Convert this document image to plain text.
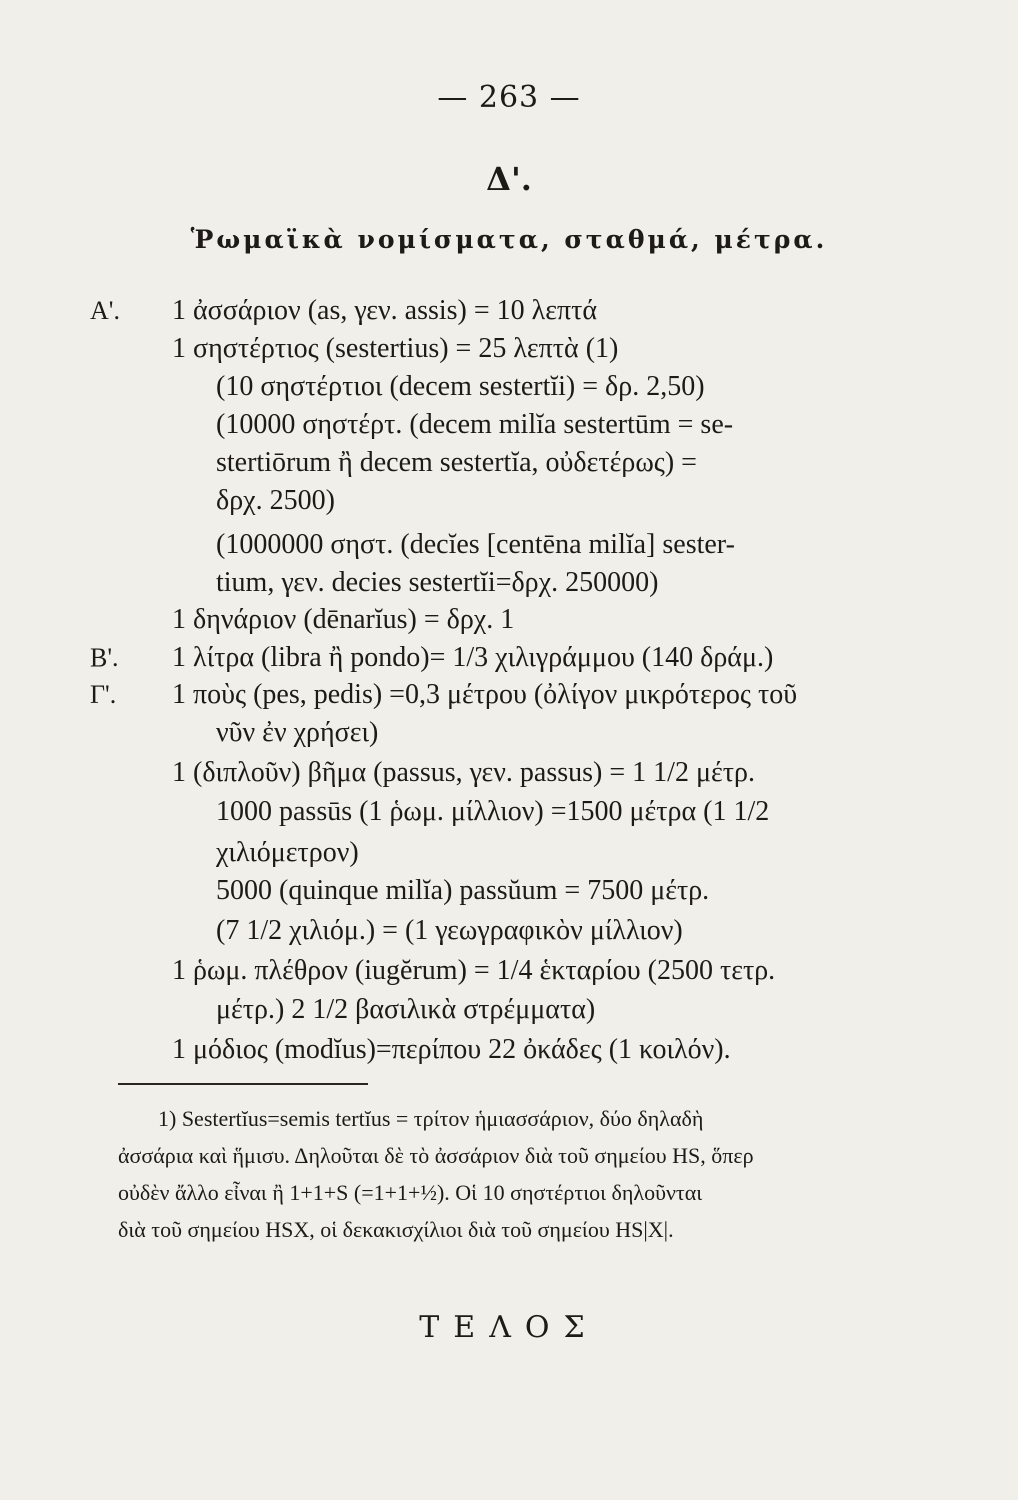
— 263 —
Δ'.
Ῥωμαϊκὰ νομίσματα, σταθμά, μέτρα.
Α'.
Β'.
Γ'.
1 ἀσσάριον (as, γεν. assis) = 10 λεπτά
1 σηστέρτιος (sestertius) = 25 λεπτὰ (1)
(10 σηστέρτιοι (decem sestertĭi) = δρ. 2,50)
(10000 σηστέρτ. (decem milĭa sestertūm = se-
stertiōrum ἢ decem sestertĭa, οὐδετέρως) =
δρχ. 2500)
(1000000 σηστ. (decĭes [centēna milĭa] sester-
tium, γεν. decies sestertĭi=δρχ. 250000)
1 δηνάριον (dēnarĭus) = δρχ. 1
1 λίτρα (libra ἢ pondo)= 1/3 χιλιγράμμου (140 δράμ.)
1 ποὺς (pes, pedis) =0,3 μέτρου (ὀλίγον μικρότερος τοῦ
νῦν ἐν χρήσει)
1 (διπλοῦν) βῆμα (passus, γεν. passus) = 1 1/2 μέτρ.
1000 passūs (1 ῥωμ. μίλλιον) =1500 μέτρα (1 1/2
χιλιόμετρον)
5000 (quinque milĭa) passŭum = 7500 μέτρ.
(7 1/2 χιλιόμ.) = (1 γεωγραφικὸν μίλλιον)
1 ῥωμ. πλέθρον (iugĕrum) = 1/4 ἑκταρίου (2500 τετρ.
μέτρ.) 2 1/2 βασιλικὰ στρέμματα)
1 μόδιος (modĭus)=περίπου 22 ὀκάδες (1 κοιλόν).
1) Sestertĭus=semis tertĭus = τρίτον ἡμιασσάριον, δύο δηλαδὴ
ἀσσάρια καὶ ἥμισυ. Δηλοῦται δὲ τὸ ἀσσάριον διὰ τοῦ σημείου HS, ὅπερ
οὐδὲν ἄλλο εἶναι ἢ 1+1+S (=1+1+½). Οἱ 10 σηστέρτιοι δηλοῦνται
διὰ τοῦ σημείου HSX, οἱ δεκακισχίλιοι διὰ τοῦ σημείου HS|X|.
ΤΕΛΟΣ
